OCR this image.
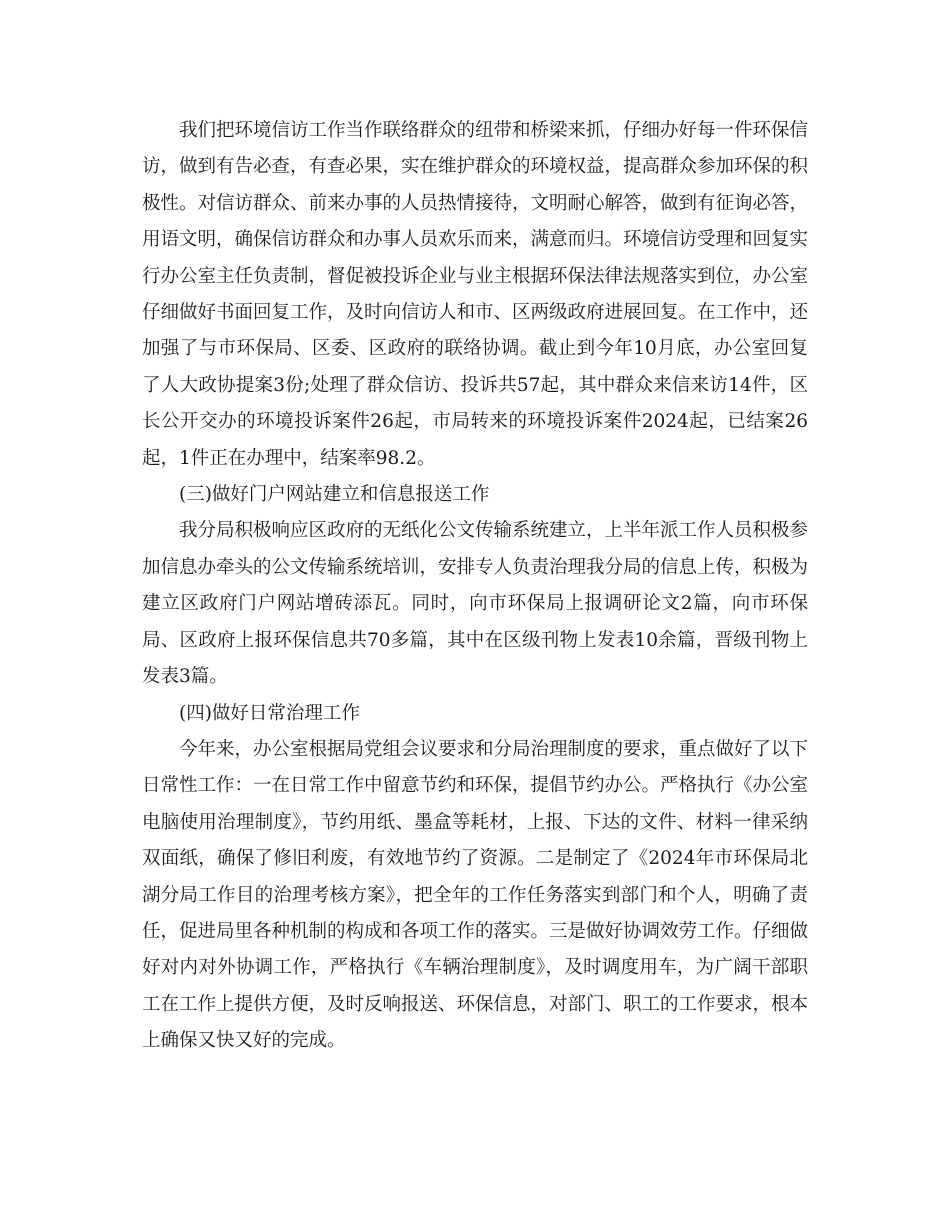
我们把环境信访工作当作联络群众的纽带和桥梁来抓，仔细办好每一件环保信访，做到有告必查，有查必果，实在维护群众的环境权益，提高群众参加环保的积极性。对信访群众、前来办事的人员热情接待，文明耐心解答，做到有征询必答，用语文明，确保信访群众和办事人员欢乐而来，满意而归。环境信访受理和回复实行办公室主任负责制，督促被投诉企业与业主根据环保法律法规落实到位，办公室仔细做好书面回复工作，及时向信访人和市、区两级政府进展回复。在工作中，还加强了与市环保局、区委、区政府的联络协调。截止到今年10月底，办公室回复了人大政协提案3份;处理了群众信访、投诉共57起，其中群众来信来访14件，区长公开交办的环境投诉案件26起，市局转来的环境投诉案件2024起，已结案26起，1件正在办理中，结案率98.2。

(三)做好门户网站建立和信息报送工作

我分局积极响应区政府的无纸化公文传输系统建立，上半年派工作人员积极参加信息办牵头的公文传输系统培训，安排专人负责治理我分局的信息上传，积极为建立区政府门户网站增砖添瓦。同时，向市环保局上报调研论文2篇，向市环保局、区政府上报环保信息共70多篇，其中在区级刊物上发表10余篇，晋级刊物上发表3篇。

(四)做好日常治理工作

今年来，办公室根据局党组会议要求和分局治理制度的要求，重点做好了以下日常性工作：一在日常工作中留意节约和环保，提倡节约办公。严格执行《办公室电脑使用治理制度》，节约用纸、墨盒等耗材，上报、下达的文件、材料一律采纳双面纸，确保了修旧利废，有效地节约了资源。二是制定了《2024年市环保局北湖分局工作目的治理考核方案》，把全年的工作任务落实到部门和个人，明确了责任，促进局里各种机制的构成和各项工作的落实。三是做好协调效劳工作。仔细做好对内对外协调工作，严格执行《车辆治理制度》，及时调度用车，为广阔干部职工在工作上提供方便，及时反响报送、环保信息，对部门、职工的工作要求，根本上确保又快又好的完成。
